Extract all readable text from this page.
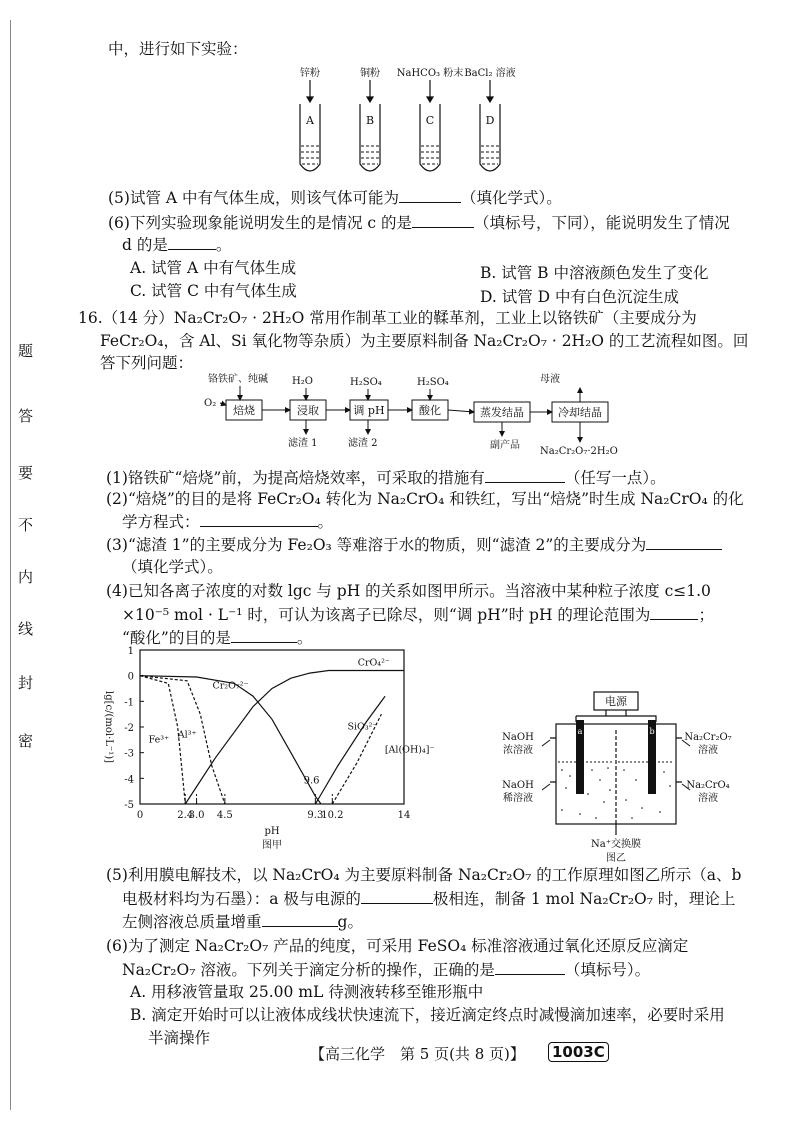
题
答
要
不
内
线
封
密
中，进行如下实验：
锌粉	铜粉 NaHCO₃ 粉末 BaCl₂ 溶液
A	B	C	D
(5)试管 A 中有气体生成，则该气体可能为	（填化学式）。
(6)下列实验现象能说明发生的是情况 c 的是	（填标号，下同），能说明发生了情况
d 的是	。
A. 试管 A 中有气体生成	B. 试管 B 中溶液颜色发生了变化
C. 试管 C 中有气体生成	D. 试管 D 中有白色沉淀生成
16.（14 分）Na₂Cr₂O₇ · 2H₂O 常用作制革工业的鞣革剂，工业上以铬铁矿（主要成分为
FeCr₂O₄，含 Al、Si 氧化物等杂质）为主要原料制备 Na₂Cr₂O₇ · 2H₂O 的工艺流程如图。回
答下列问题：
铬铁矿、纯碱 H₂O	H₂SO₄	H₂SO₄
O₂
母液
滤渣 1	滤渣 2	副产品
Na₂Cr₂O₇·2H₂O
焙烧	浸取	调 pH	酸化	蒸发结晶	冷却结晶
(1)铬铁矿“焙烧”前，为提高焙烧效率，可采取的措施有	（任写一点）。
(2)“焙烧”的目的是将 FeCr₂O₄ 转化为 Na₂CrO₄ 和铁红，写出“焙烧”时生成 Na₂CrO₄ 的化
学方程式：	。
(3)“滤渣 1”的主要成分为 Fe₂O₃ 等难溶于水的物质，则“滤渣 2”的主要成分为
（填化学式）。
(4)已知各离子浓度的对数 lgc 与 pH 的关系如图甲所示。当溶液中某种粒子浓度 c≤1.0
×10⁻⁵ mol · L⁻¹ 时，可认为该离子已除尽，则“调 pH”时 pH 的理论范围为	；
“酸化”的目的是	。
1
0
-1
-2
-3
-4
-5
0	2.4
3.0 4.5	9.3
10.2	14
Cr₂O₇²⁻
CrO₄²⁻
Fe³⁺ Al³⁺
SiO₃²⁻
[Al(OH)₄]⁻
9.6
pH
图甲
lg[c/(mol·L⁻¹)]	电源
a	b
NaOH
浓溶液
NaOH
稀溶液
Na₂Cr₂O₇
溶液
Na₂CrO₄
溶液
Na⁺交换膜
图乙
(5)利用膜电解技术，以 Na₂CrO₄ 为主要原料制备 Na₂Cr₂O₇ 的工作原理如图乙所示（a、b
电极材料均为石墨）：a 极与电源的	极相连，制备 1 mol Na₂Cr₂O₇ 时，理论上
左侧溶液总质量增重	g。
(6)为了测定 Na₂Cr₂O₇ 产品的纯度，可采用 FeSO₄ 标准溶液通过氧化还原反应滴定
Na₂Cr₂O₇ 溶液。下列关于滴定分析的操作，正确的是	（填标号）。
A. 用移液管量取 25.00 mL 待测液转移至锥形瓶中
B. 滴定开始时可以让液体成线状快速流下，接近滴定终点时减慢滴加速率，必要时采用
半滴操作
【高三化学　第 5 页(共 8 页)】 1003C
